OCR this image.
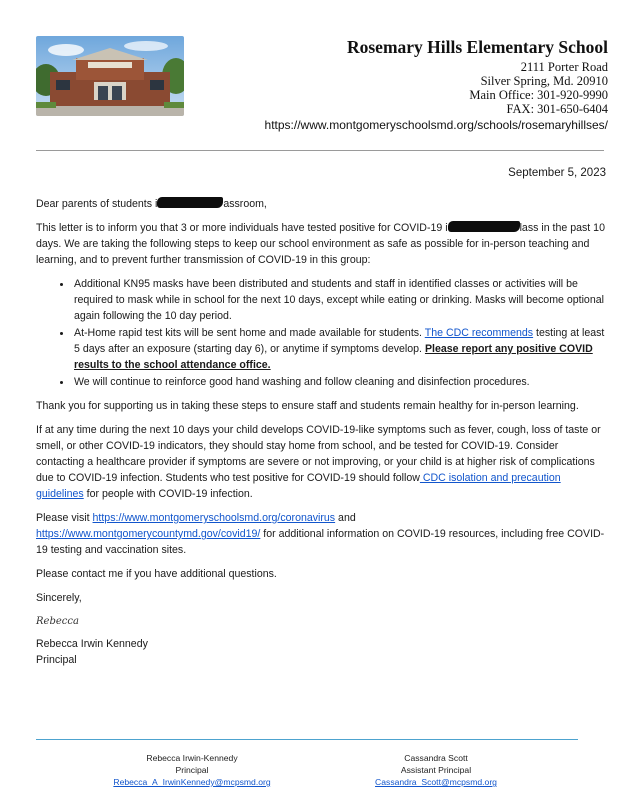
Rosemary Hills Elementary School
2111 Porter Road
Silver Spring, Md. 20910
Main Office: 301-920-9990
FAX: 301-650-6404
https://www.montgomeryschoolsmd.org/schools/rosemaryhillses/
September 5, 2023

Dear parents of students i	assroom,

This letter is to inform you that 3 or more individuals have tested positive for COVID-19 i	lass in the past 10 days. We are taking the following steps to keep our school environment as safe as possible for in-person teaching and learning, and to prevent further transmission of COVID-19 in this group:

• Additional KN95 masks have been distributed and students and staff in identified classes or activities will be required to mask while in school for the next 10 days, except while eating or drinking. Masks will become optional again following the 10 day period.
• At-Home rapid test kits will be sent home and made available for students. The CDC recommends testing at least 5 days after an exposure (starting day 6), or anytime if symptoms develop. Please report any positive COVID results to the school attendance office.
• We will continue to reinforce good hand washing and follow cleaning and disinfection procedures.

Thank you for supporting us in taking these steps to ensure staff and students remain healthy for in-person learning.

If at any time during the next 10 days your child develops COVID-19-like symptoms such as fever, cough, loss of taste or smell, or other COVID-19 indicators, they should stay home from school, and be tested for COVID-19. Consider contacting a healthcare provider if symptoms are severe or not improving, or your child is at higher risk of complications due to COVID-19 infection. Students who test positive for COVID-19 should follow CDC isolation and precaution guidelines for people with COVID-19 infection.

Please visit https://www.montgomeryschoolsmd.org/coronavirus and
https://www.montgomerycountymd.gov/covid19/ for additional information on COVID-19 resources, including free COVID-19 testing and vaccination sites.

Please contact me if you have additional questions.

Sincerely,

Rebecca
Rebecca Irwin Kennedy
Principal
Rebecca Irwin-Kennedy
Principal
Rebecca_A_IrwinKennedy@mcpsmd.org
Cassandra Scott
Assistant Principal
Cassandra_Scott@mcpsmd.org
